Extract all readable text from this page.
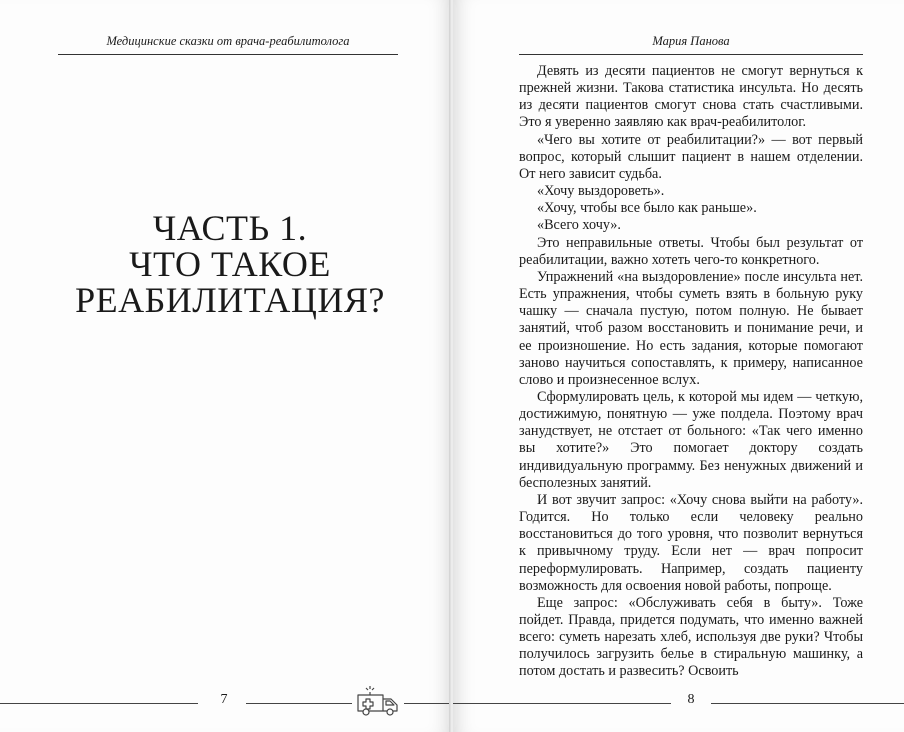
Медицинские сказки от врача-реабилитолога
ЧАСТЬ 1.
ЧТО ТАКОЕ
РЕАБИЛИТАЦИЯ?
7
Мария Панова

Девять из десяти пациентов не смогут вернуться к прежней жизни. Такова статистика инсульта. Но десять из десяти пациентов смогут снова стать счастливыми. Это я уверенно заявляю как врач-реабилитолог.

«Чего вы хотите от реабилитации?» — вот первый вопрос, который слышит пациент в нашем отделении. От него зависит судьба.

«Хочу выздороветь».

«Хочу, чтобы все было как раньше».

«Всего хочу».

Это неправильные ответы. Чтобы был результат от реабилитации, важно хотеть чего-то конкретного.

Упражнений «на выздоровление» после инсульта нет. Есть упражнения, чтобы суметь взять в больную руку чашку — сначала пустую, потом полную. Не бывает занятий, чтоб разом восстановить и понимание речи, и ее произношение. Но есть задания, которые помогают заново научиться сопоставлять, к примеру, написанное слово и произнесенное вслух.

Сформулировать цель, к которой мы идем — четкую, достижимую, понятную — уже полдела. Поэтому врач занудствует, не отстает от больного: «Так чего именно вы хотите?» Это помогает доктору создать индивидуальную программу. Без ненужных движений и бесполезных занятий.

И вот звучит запрос: «Хочу снова выйти на работу». Годится. Но только если человеку реально восстановиться до того уровня, что позволит вернуться к привычному труду. Если нет — врач попросит переформулировать. Например, создать пациенту возможность для освоения новой работы, попроще.

Еще запрос: «Обслуживать себя в быту». Тоже пойдет. Правда, придется подумать, что именно важней всего: суметь нарезать хлеб, используя две руки? Чтобы получилось загрузить белье в стиральную машинку, а потом достать и развесить? Освоить

8
